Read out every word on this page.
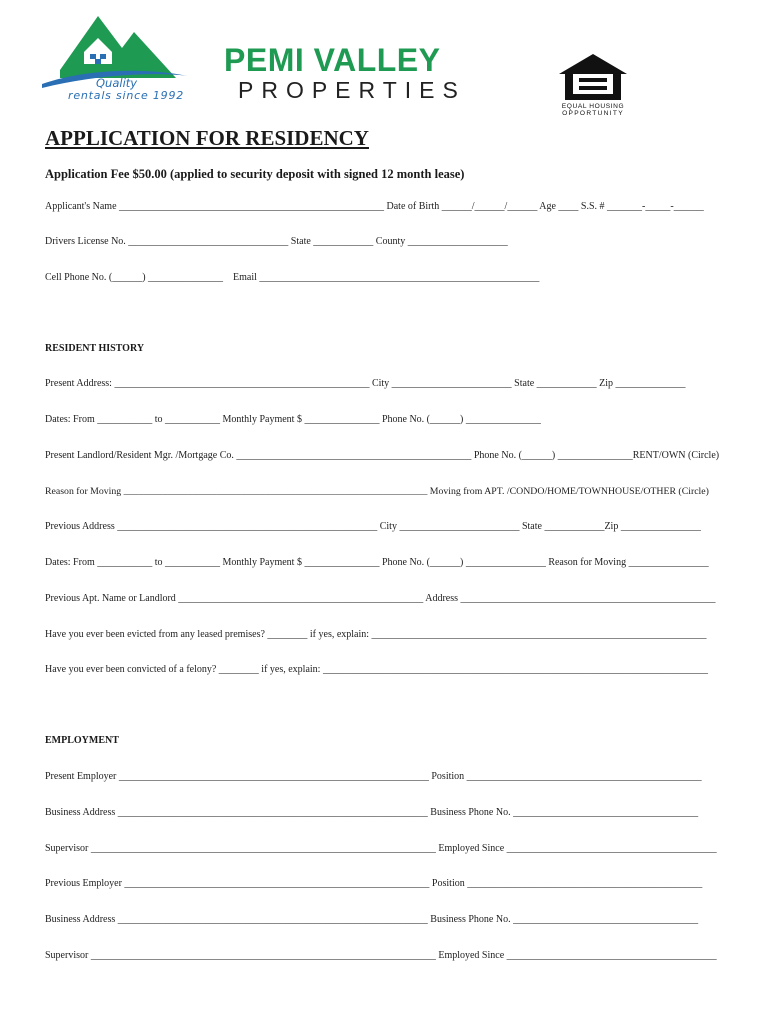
PEMI VALLEY
PROPERTIES
Quality
rentals since 1992
EQUAL HOUSING
OPPORTUNITY
APPLICATION FOR RESIDENCY
Application Fee $50.00 (applied to security deposit with signed 12 month lease)
Applicant's Name _____________________________________________________ Date of Birth ______/______/______ Age ____ S.S. # _______-_____-______
Drivers License No. ________________________________ State ____________ County ____________________
Cell Phone No. (______) _______________    Email ________________________________________________________
RESIDENT HISTORY
Present Address: ___________________________________________________ City ________________________ State ____________ Zip ______________
Dates: From ___________ to ___________ Monthly Payment $ _______________ Phone No. (______) _______________
Present Landlord/Resident Mgr. /Mortgage Co. _______________________________________________ Phone No. (______) _______________RENT/OWN (Circle)
Reason for Moving ______________________________________________________________ Moving from APT. /CONDO/HOME/TOWNHOUSE/OTHER (Circle)
Previous Address ____________________________________________________ City ________________________ State ____________Zip ________________
Dates: From ___________ to ___________ Monthly Payment $ _______________ Phone No. (______) ________________ Reason for Moving ________________
Previous Apt. Name or Landlord _________________________________________________ Address ___________________________________________________
Have you ever been evicted from any leased premises? ________ if yes, explain: ___________________________________________________________________
Have you ever been convicted of a felony? ________ if yes, explain: _____________________________________________________________________________
EMPLOYMENT
Present Employer ______________________________________________________________ Position _______________________________________________
Business Address ______________________________________________________________ Business Phone No. _____________________________________
Supervisor _____________________________________________________________________ Employed Since __________________________________________
Previous Employer _____________________________________________________________ Position _______________________________________________
Business Address ______________________________________________________________ Business Phone No. _____________________________________
Supervisor _____________________________________________________________________ Employed Since __________________________________________
